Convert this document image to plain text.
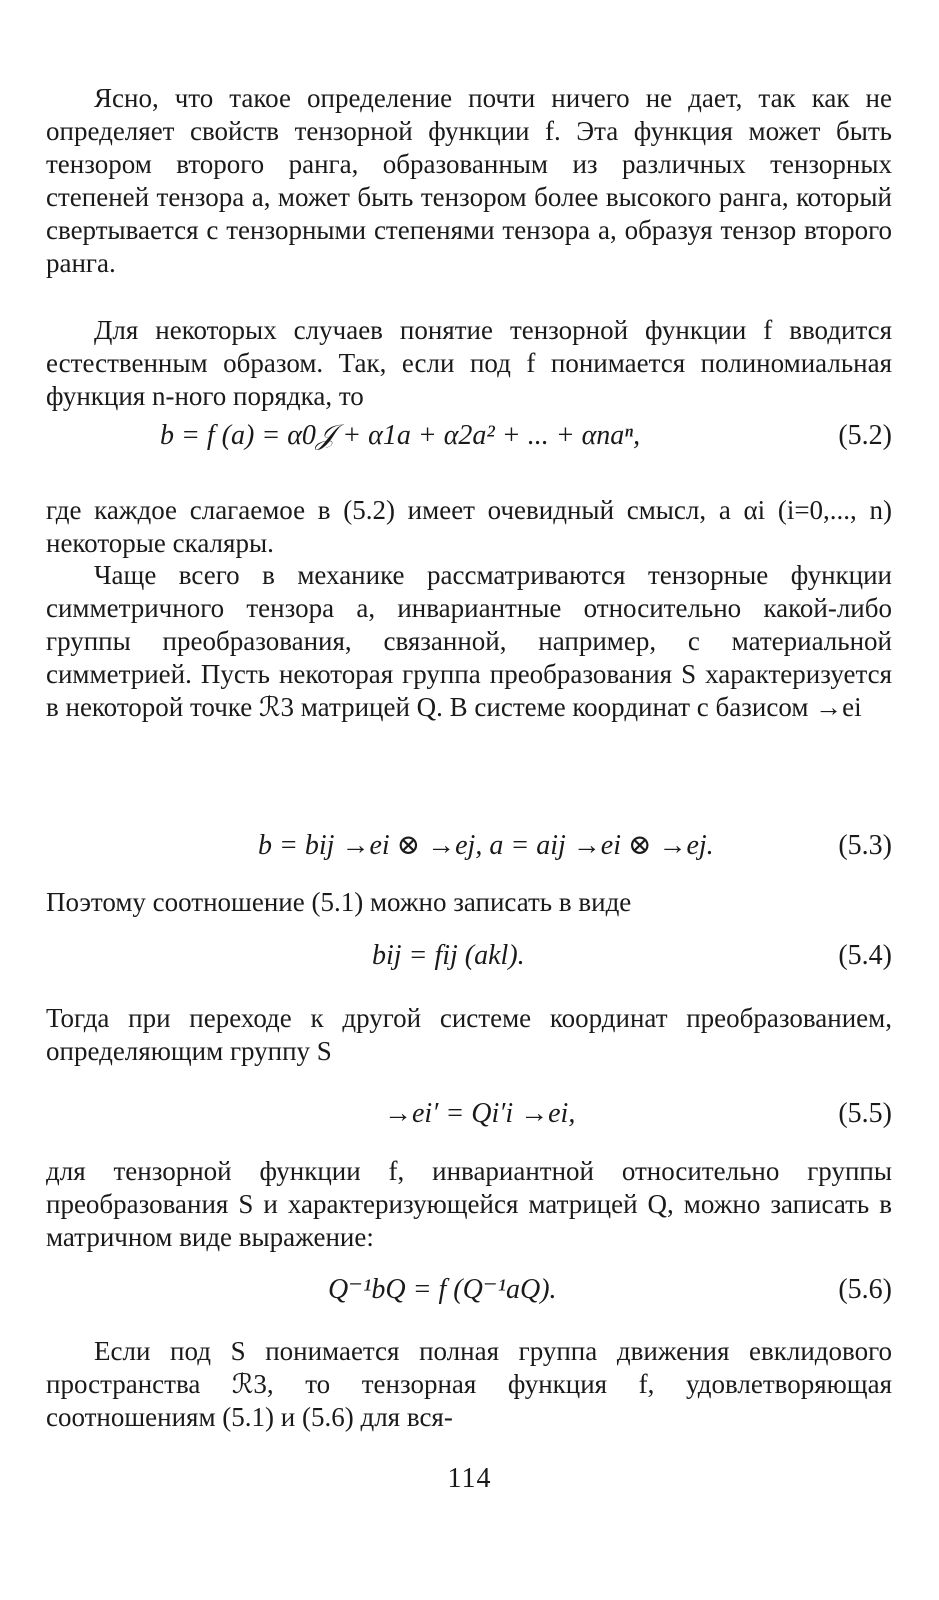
Ясно, что такое определение почти ничего не дает, так как не определяет свойств тензорной функции f. Эта функция может быть тензором второго ранга, образованным из различных тензорных степеней тензора a, может быть тензором более высокого ранга, который свертывается с тензорными степенями тензора a, образуя тензор второго ранга.
Для некоторых случаев понятие тензорной функции f вводится естественным образом. Так, если под f понимается полиномиальная функция n-ного порядка, то
b = f (a) = α0𝒥 + α1a + α2a² + ... + αnaⁿ,	(5.2)
где каждое слагаемое в (5.2) имеет очевидный смысл, а αi (i=0,..., n) некоторые скаляры.
Чаще всего в механике рассматриваются тензорные функции симметричного тензора a, инвариантные относительно какой-либо группы преобразования, связанной, например, с материальной симметрией. Пусть некоторая группа преобразования S характеризуется в некоторой точке ℛ3 матрицей Q. В системе координат с базисом →ei
b = bij →ei ⊗ →ej, a = aij →ei ⊗ →ej.	(5.3)
Поэтому соотношение (5.1) можно записать в виде
bij = fij (akl).	(5.4)
Тогда при переходе к другой системе координат преобразованием, определяющим группу S
→ei′ = Qi′i →ei,	(5.5)
для тензорной функции f, инвариантной относительно группы преобразования S и характеризующейся матрицей Q, можно записать в матричном виде выражение:
Q⁻¹bQ = f (Q⁻¹aQ).	(5.6)
Если под S понимается полная группа движения евклидового пространства ℛ3, то тензорная функция f, удовлетворяющая соотношениям (5.1) и (5.6) для вся-
114
